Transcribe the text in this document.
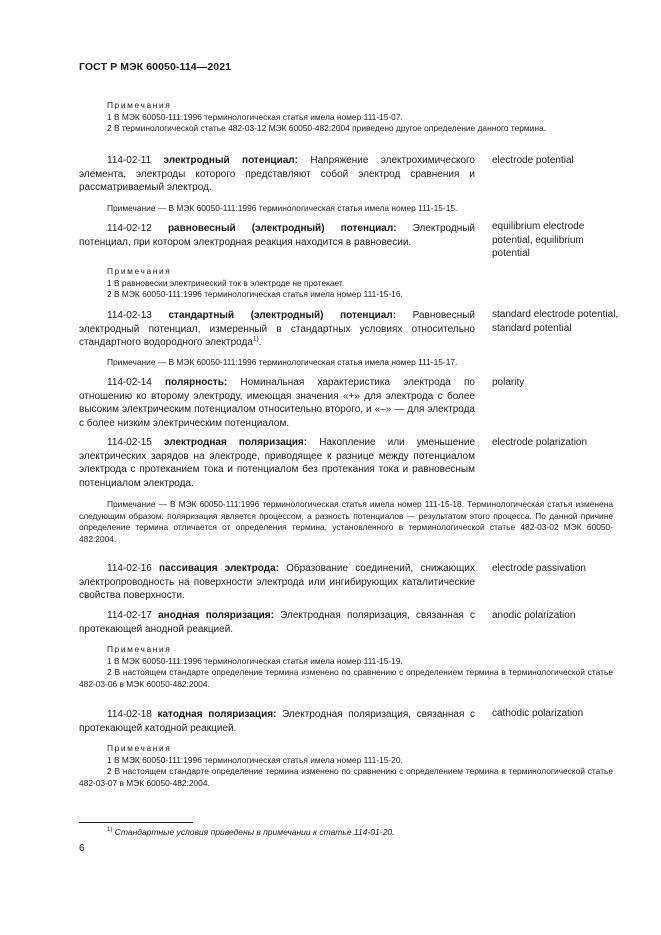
ГОСТ Р МЭК 60050-114—2021

Примечания

1 В МЭК 60050-111:1996 терминологическая статья имела номер 111-15-07.

2 В терминологической статье 482-03-12 МЭК 60050-482:2004 приведено другое определение данного термина.

114-02-11 электродный потенциал: Напряжение электрохимического элемента, электроды которого представляют собой электрод сравнения и рассматриваемый электрод.

electrode potential

Примечание — В МЭК 60050-111:1996 терминологическая статья имела номер 111-15-15.

114-02-12 равновесный (электродный) потенциал: Электродный потенциал, при котором электродная реакция находится в равновесии.

equilibrium electrode potential, equilibrium potential

Примечания

1 В равновесии электрический ток в электроде не протекает.

2 В МЭК 60050-111:1996 терминологическая статья имела номер 111-15-16.

114-02-13 стандартный (электродный) потенциал: Равновесный электродный потенциал, измеренный в стандартных условиях относительно стандартного водородного электрода$^{1)}$.

standard electrode potential, standard potential

Примечание — В МЭК 60050-111:1996 терминологическая статья имела номер 111-15-17.

114-02-14 полярность: Номинальная характеристика электрода по отношению ко второму электроду, имеющая значения «+» для электрода с более высоким электрическим потенциалом относительно второго, и «–» — для электрода с более низким электрическим потенциалом.

polarity

114-02-15 электродная поляризация: Накопление или уменьшение электрических зарядов на электроде, приводящее к разнице между потенциалом электрода с протеканием тока и потенциалом без протекания тока и равновесным потенциалом электрода.

electrode polarization

Примечание — В МЭК 60050-111:1996 терминологическая статья имела номер 111-15-18. Терминологическая статья изменена следующим образом: поляризация является процессом, а разность потенциалов — результатом этого процесса. По данной причине определение термина отличается от определения термина, установленного в терминологической статье 482-03-02 МЭК 60050-482:2004.

114-02-16 пассивация электрода: Образование соединений, снижающих электропроводность на поверхности электрода или ингибирующих каталитические свойства поверхности.

electrode passivation

114-02-17 анодная поляризация: Электродная поляризация, связанная с протекающей анодной реакцией.

anodic polarization

Примечания

1 В МЭК 60050-111:1996 терминологическая статья имела номер 111-15-19.

2 В настоящем стандарте определение термина изменено по сравнению с определением термина в терминологической статье 482-03-06 в МЭК 60050-482:2004.

114-02-18 катодная поляризация: Электродная поляризация, связанная с протекающей катодной реакцией.

cathodic polarization

Примечания

1 В МЭК 60050-111:1996 терминологическая статья имела номер 111-15-20.

2 В настоящем стандарте определение термина изменено по сравнению с определением термина в терминологической статье 482-03-07 в МЭК 60050-482:2004.

$^{1)}$ Стандартные условия приведены в примечании к статье 114-01-20.
6
